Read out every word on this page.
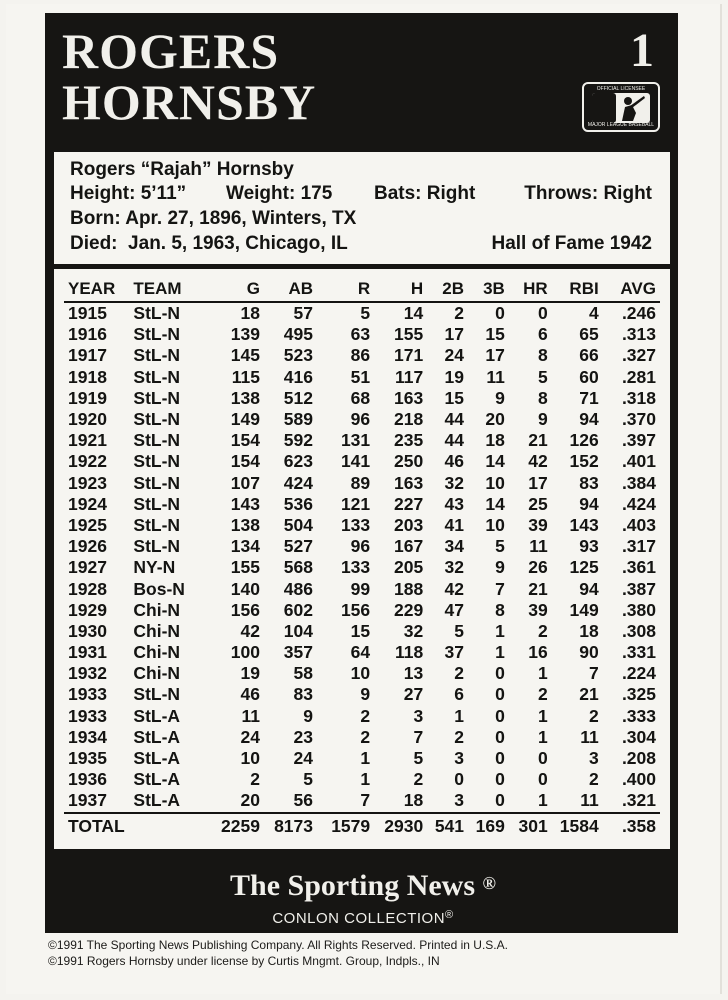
ROGERS
HORNSBY
1
OFFICIAL LICENSEE
MAJOR LEAGUE BASEBALL
Rogers “Rajah” Hornsby
Height: 5’11” Weight: 175 Bats: Right	Throws: Right
Born: Apr. 27, 1896, Winters, TX
Died:  Jan. 5, 1963, Chicago, IL	Hall of Fame 1942
YEAR	TEAM	G	AB	R	H	2B	3B	HR	RBI	AVG
1915	StL-N	18	57	5	14	2	0	0	4	.246
1916	StL-N	139	495	63	155	17	15	6	65	.313
1917	StL-N	145	523	86	171	24	17	8	66	.327
1918	StL-N	115	416	51	117	19	11	5	60	.281
1919	StL-N	138	512	68	163	15	9	8	71	.318
1920	StL-N	149	589	96	218	44	20	9	94	.370
1921	StL-N	154	592	131	235	44	18	21	126	.397
1922	StL-N	154	623	141	250	46	14	42	152	.401
1923	StL-N	107	424	89	163	32	10	17	83	.384
1924	StL-N	143	536	121	227	43	14	25	94	.424
1925	StL-N	138	504	133	203	41	10	39	143	.403
1926	StL-N	134	527	96	167	34	5	11	93	.317
1927	NY-N	155	568	133	205	32	9	26	125	.361
1928	Bos-N	140	486	99	188	42	7	21	94	.387
1929	Chi-N	156	602	156	229	47	8	39	149	.380
1930	Chi-N	42	104	15	32	5	1	2	18	.308
1931	Chi-N	100	357	64	118	37	1	16	90	.331
1932	Chi-N	19	58	10	13	2	0	1	7	.224
1933	StL-N	46	83	9	27	6	0	2	21	.325
1933	StL-A	11	9	2	3	1	0	1	2	.333
1934	StL-A	24	23	2	7	2	0	1	11	.304
1935	StL-A	10	24	1	5	3	0	0	3	.208
1936	StL-A	2	5	1	2	0	0	0	2	.400
1937	StL-A	20	56	7	18	3	0	1	11	.321
TOTAL		2259	8173	1579	2930	541	169	301	1584	.358
The Sporting News ®
CONLON COLLECTION®
©1991 The Sporting News Publishing Company. All Rights Reserved. Printed in U.S.A.
©1991 Rogers Hornsby under license by Curtis Mngmt. Group, Indpls., IN
